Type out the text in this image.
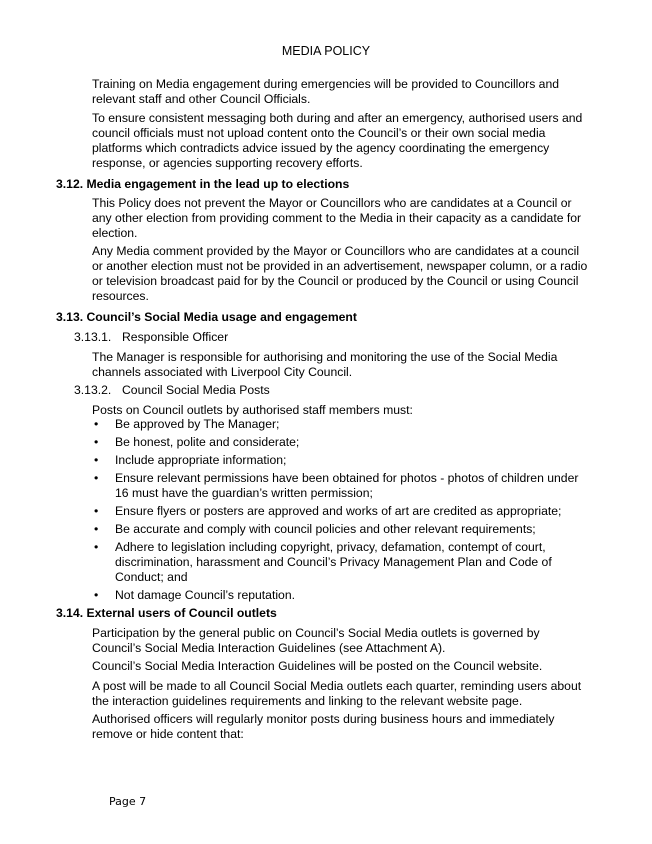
MEDIA POLICY

Training on Media engagement during emergencies will be provided to Councillors and relevant staff and other Council Officials.

To ensure consistent messaging both during and after an emergency, authorised users and council officials must not upload content onto the Council’s or their own social media platforms which contradicts advice issued by the agency coordinating the emergency response, or agencies supporting recovery efforts.

3.12. Media engagement in the lead up to elections

This Policy does not prevent the Mayor or Councillors who are candidates at a Council or any other election from providing comment to the Media in their capacity as a candidate for election.

Any Media comment provided by the Mayor or Councillors who are candidates at a council or another election must not be provided in an advertisement, newspaper column, or a radio or television broadcast paid for by the Council or produced by the Council or using Council resources.

3.13. Council’s Social Media usage and engagement
3.13.1. Responsible Officer

The Manager is responsible for authorising and monitoring the use of the Social Media channels associated with Liverpool City Council.

3.13.2. Council Social Media Posts

Posts on Council outlets by authorised staff members must:

• Be approved by The Manager;
• Be honest, polite and considerate;
• Include appropriate information;
• Ensure relevant permissions have been obtained for photos - photos of children under 16 must have the guardian’s written permission;
• Ensure flyers or posters are approved and works of art are credited as appropriate;
• Be accurate and comply with council policies and other relevant requirements;
• Adhere to legislation including copyright, privacy, defamation, contempt of court, discrimination, harassment and Council’s Privacy Management Plan and Code of Conduct; and
• Not damage Council’s reputation.
3.14. External users of Council outlets

Participation by the general public on Council’s Social Media outlets is governed by Council’s Social Media Interaction Guidelines (see Attachment A).

Council’s Social Media Interaction Guidelines will be posted on the Council website.

A post will be made to all Council Social Media outlets each quarter, reminding users about the interaction guidelines requirements and linking to the relevant website page.

Authorised officers will regularly monitor posts during business hours and immediately remove or hide content that:

Page 7
